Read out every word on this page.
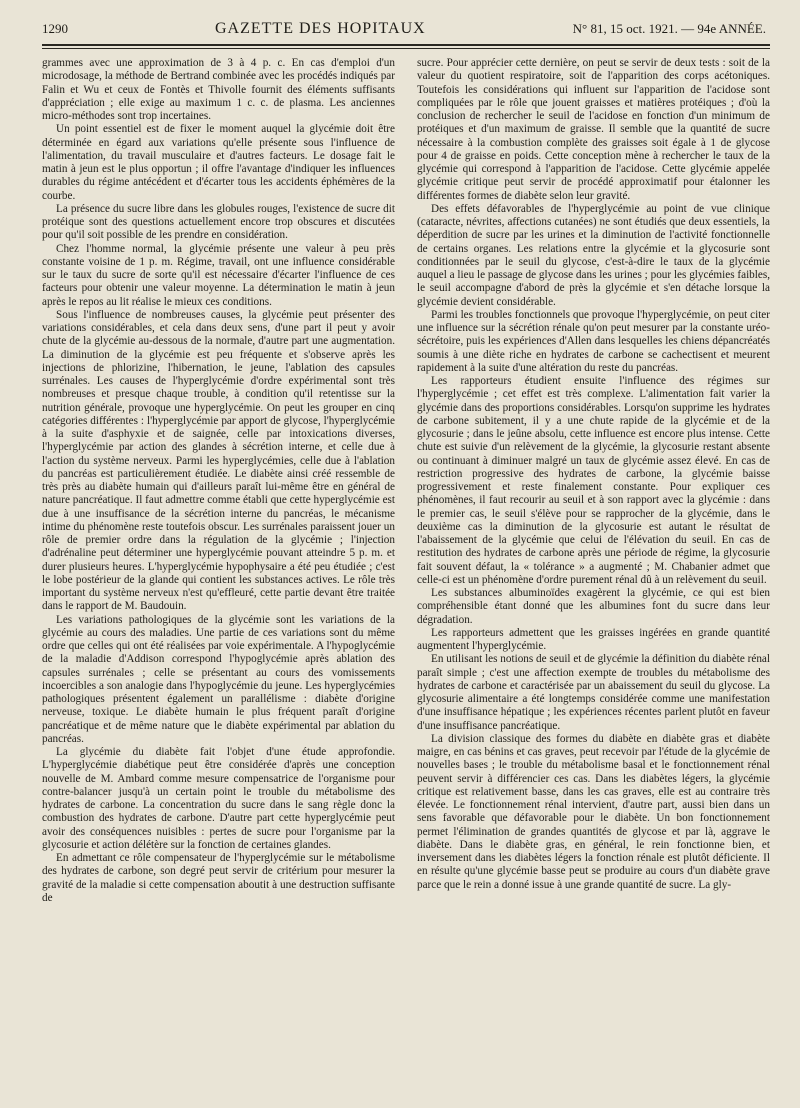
1290	GAZETTE DES HOPITAUX	N° 81, 15 oct. 1921. — 94e ANNÉE.

grammes avec une approximation de 3 à 4 p. c. En cas d'emploi d'un microdosage, la méthode de Bertrand combinée avec les procédés indiqués par Falin et Wu et ceux de Fontès et Thivolle fournit des éléments suffisants d'appréciation ; elle exige au maximum 1 c. c. de plasma. Les anciennes micro-méthodes sont trop incertaines.

Un point essentiel est de fixer le moment auquel la glycémie doit être déterminée en égard aux variations qu'elle présente sous l'influence de l'alimentation, du travail musculaire et d'autres facteurs. Le dosage fait le matin à jeun est le plus opportun ; il offre l'avantage d'indiquer les influences durables du régime antécédent et d'écarter tous les accidents éphémères de la courbe.

La présence du sucre libre dans les globules rouges, l'existence de sucre dit protéique sont des questions actuellement encore trop obscures et discutées pour qu'il soit possible de les prendre en considération.

Chez l'homme normal, la glycémie présente une valeur à peu près constante voisine de 1 p. m. Régime, travail, ont une influence considérable sur le taux du sucre de sorte qu'il est nécessaire d'écarter l'influence de ces facteurs pour obtenir une valeur moyenne. La détermination le matin à jeun après le repos au lit réalise le mieux ces conditions.

Sous l'influence de nombreuses causes, la glycémie peut présenter des variations considérables, et cela dans deux sens, d'une part il peut y avoir chute de la glycémie au-dessous de la normale, d'autre part une augmentation. La diminution de la glycémie est peu fréquente et s'observe après les injections de phlorizine, l'hibernation, le jeune, l'ablation des capsules surrénales. Les causes de l'hyperglycémie d'ordre expérimental sont très nombreuses et presque chaque trouble, à condition qu'il retentisse sur la nutrition générale, provoque une hyperglycémie. On peut les grouper en cinq catégories différentes : l'hyperglycémie par apport de glycose, l'hyperglycémie à la suite d'asphyxie et de saignée, celle par intoxications diverses, l'hyperglycémie par action des glandes à sécrétion interne, et celle due à l'action du système nerveux. Parmi les hyperglycémies, celle due à l'ablation du pancréas est particulièrement étudiée. Le diabète ainsi créé ressemble de très près au diabète humain qui d'ailleurs paraît lui-même être en général de nature pancréatique. Il faut admettre comme établi que cette hyperglycémie est due à une insuffisance de la sécrétion interne du pancréas, le mécanisme intime du phénomène reste toutefois obscur. Les surrénales paraissent jouer un rôle de premier ordre dans la régulation de la glycémie ; l'injection d'adrénaline peut déterminer une hyperglycémie pouvant atteindre 5 p. m. et durer plusieurs heures. L'hyperglycémie hypophysaire a été peu étudiée ; c'est le lobe postérieur de la glande qui contient les substances actives. Le rôle très important du système nerveux n'est qu'effleuré, cette partie devant être traitée dans le rapport de M. Baudouin.

Les variations pathologiques de la glycémie sont les variations de la glycémie au cours des maladies. Une partie de ces variations sont du même ordre que celles qui ont été réalisées par voie expérimentale. A l'hypoglycémie de la maladie d'Addison correspond l'hypoglycémie après ablation des capsules surrénales ; celle se présentant au cours des vomissements incoercibles a son analogie dans l'hypoglycémie du jeune. Les hyperglycémies pathologiques présentent également un parallélisme : diabète d'origine nerveuse, toxique. Le diabète humain le plus fréquent paraît d'origine pancréatique et de même nature que le diabète expérimental par ablation du pancréas.

La glycémie du diabète fait l'objet d'une étude approfondie. L'hyperglycémie diabétique peut être considérée d'après une conception nouvelle de M. Ambard comme mesure compensatrice de l'organisme pour contre-balancer jusqu'à un certain point le trouble du métabolisme des hydrates de carbone. La concentration du sucre dans le sang règle donc la combustion des hydrates de carbone. D'autre part cette hyperglycémie peut avoir des conséquences nuisibles : pertes de sucre pour l'organisme par la glycosurie et action délétère sur la fonction de certaines glandes.

En admettant ce rôle compensateur de l'hyperglycémie sur le métabolisme des hydrates de carbone, son degré peut servir de critérium pour mesurer la gravité de la maladie si cette compensation aboutit à une destruction suffisante de

sucre. Pour apprécier cette dernière, on peut se servir de deux tests : soit de la valeur du quotient respiratoire, soit de l'apparition des corps acétoniques. Toutefois les considérations qui influent sur l'apparition de l'acidose sont compliquées par le rôle que jouent graisses et matières protéiques ; d'où la conclusion de rechercher le seuil de l'acidose en fonction d'un minimum de protéiques et d'un maximum de graisse. Il semble que la quantité de sucre nécessaire à la combustion complète des graisses soit égale à 1 de glycose pour 4 de graisse en poids. Cette conception mène à rechercher le taux de la glycémie qui correspond à l'apparition de l'acidose. Cette glycémie appelée glycémie critique peut servir de procédé approximatif pour étalonner les différentes formes de diabète selon leur gravité.

Des effets défavorables de l'hyperglycémie au point de vue clinique (cataracte, névrites, affections cutanées) ne sont étudiés que deux essentiels, la déperdition de sucre par les urines et la diminution de l'activité fonctionnelle de certains organes. Les relations entre la glycémie et la glycosurie sont conditionnées par le seuil du glycose, c'est-à-dire le taux de la glycémie auquel a lieu le passage de glycose dans les urines ; pour les glycémies faibles, le seuil accompagne d'abord de près la glycémie et s'en détache lorsque la glycémie devient considérable.

Parmi les troubles fonctionnels que provoque l'hyperglycémie, on peut citer une influence sur la sécrétion rénale qu'on peut mesurer par la constante uréo-sécrétoire, puis les expériences d'Allen dans lesquelles les chiens dépancréatés soumis à une diète riche en hydrates de carbone se cachectisent et meurent rapidement à la suite d'une altération du reste du pancréas.

Les rapporteurs étudient ensuite l'influence des régimes sur l'hyperglycémie ; cet effet est très complexe. L'alimentation fait varier la glycémie dans des proportions considérables. Lorsqu'on supprime les hydrates de carbone subitement, il y a une chute rapide de la glycémie et de la glycosurie ; dans le jeûne absolu, cette influence est encore plus intense. Cette chute est suivie d'un relèvement de la glycémie, la glycosurie restant absente ou continuant à diminuer malgré un taux de glycémie assez élevé. En cas de restriction progressive des hydrates de carbone, la glycémie baisse progressivement et reste finalement constante. Pour expliquer ces phénomènes, il faut recourir au seuil et à son rapport avec la glycémie : dans le premier cas, le seuil s'élève pour se rapprocher de la glycémie, dans le deuxième cas la diminution de la glycosurie est autant le résultat de l'abaissement de la glycémie que celui de l'élévation du seuil. En cas de restitution des hydrates de carbone après une période de régime, la glycosurie fait souvent défaut, la « tolérance » a augmenté ; M. Chabanier admet que celle-ci est un phénomène d'ordre purement rénal dû à un relèvement du seuil.

Les substances albuminoïdes exagèrent la glycémie, ce qui est bien compréhensible étant donné que les albumines font du sucre dans leur dégradation.

Les rapporteurs admettent que les graisses ingérées en grande quantité augmentent l'hyperglycémie.

En utilisant les notions de seuil et de glycémie la définition du diabète rénal paraît simple ; c'est une affection exempte de troubles du métabolisme des hydrates de carbone et caractérisée par un abaissement du seuil du glycose. La glycosurie alimentaire a été longtemps considérée comme une manifestation d'une insuffisance hépatique ; les expériences récentes parlent plutôt en faveur d'une insuffisance pancréatique.

La division classique des formes du diabète en diabète gras et diabète maigre, en cas bénins et cas graves, peut recevoir par l'étude de la glycémie de nouvelles bases ; le trouble du métabolisme basal et le fonctionnement rénal peuvent servir à différencier ces cas. Dans les diabètes légers, la glycémie critique est relativement basse, dans les cas graves, elle est au contraire très élevée. Le fonctionnement rénal intervient, d'autre part, aussi bien dans un sens favorable que défavorable pour le diabète. Un bon fonctionnement permet l'élimination de grandes quantités de glycose et par là, aggrave le diabète. Dans le diabète gras, en général, le rein fonctionne bien, et inversement dans les diabètes légers la fonction rénale est plutôt déficiente. Il en résulte qu'une glycémie basse peut se produire au cours d'un diabète grave parce que le rein a donné issue à une grande quantité de sucre. La gly-
